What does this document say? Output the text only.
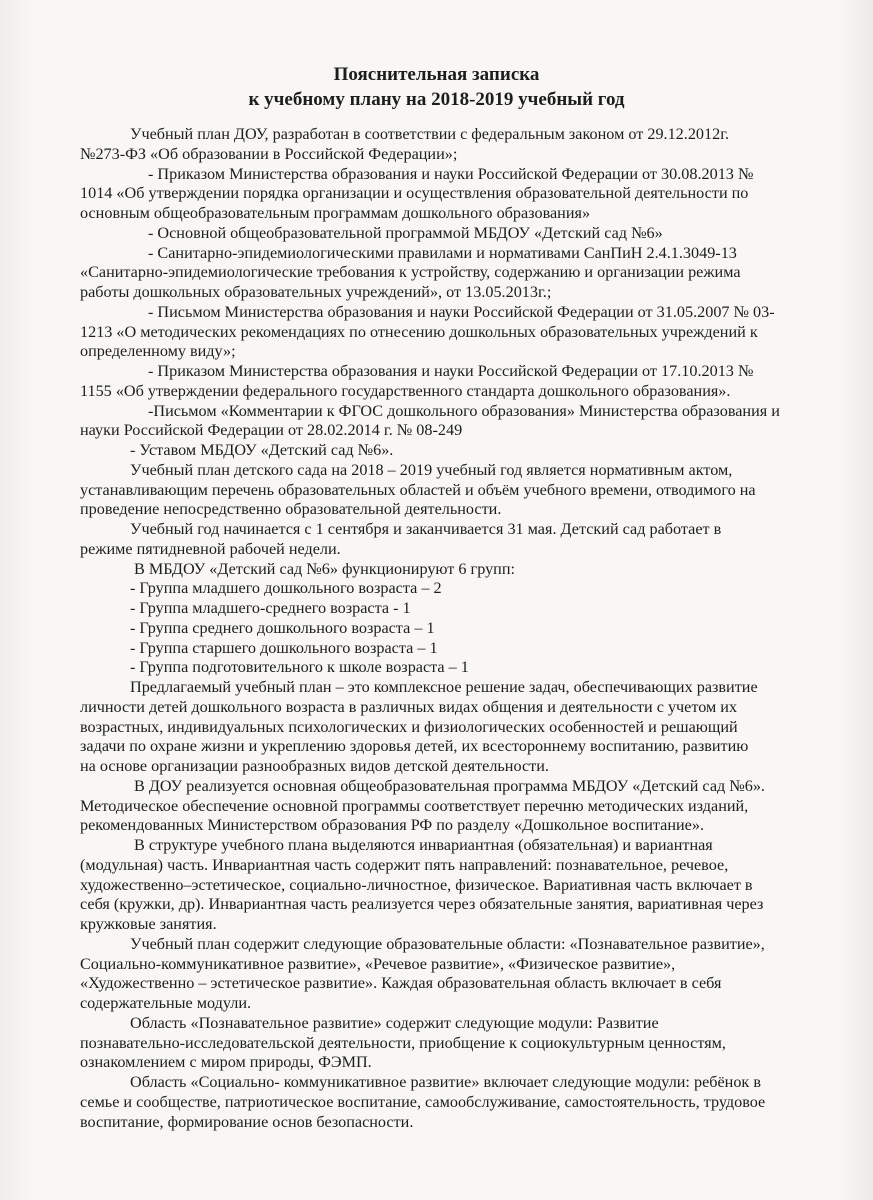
Пояснительная записка
к учебному плану на 2018-2019 учебный год
Учебный план ДОУ, разработан в соответствии с федеральным законом от 29.12.2012г.
№273-ФЗ «Об образовании в Российской Федерации»;
- Приказом Министерства образования и науки Российской Федерации от 30.08.2013 №
1014 «Об утверждении порядка организации и осуществления образовательной деятельности по
основным общеобразовательным программам дошкольного образования»
- Основной общеобразовательной программой МБДОУ «Детский сад №6»
- Санитарно-эпидемиологическими правилами и нормативами СанПиН 2.4.1.3049-13
«Санитарно-эпидемиологические требования к устройству, содержанию и организации режима
работы дошкольных образовательных учреждений», от 13.05.2013г.;
- Письмом Министерства образования и науки Российской Федерации от 31.05.2007 № 03-
1213 «О методических рекомендациях по отнесению дошкольных образовательных учреждений к
определенному виду»;
- Приказом Министерства образования и науки Российской Федерации от 17.10.2013 №
1155 «Об утверждении федерального государственного стандарта дошкольного образования».
-Письмом «Комментарии к ФГОС дошкольного образования» Министерства образования и
науки Российской Федерации от 28.02.2014 г. № 08-249
- Уставом МБДОУ «Детский сад №6».
Учебный план детского сада на 2018 – 2019 учебный год является нормативным актом,
устанавливающим перечень образовательных областей и объём учебного времени, отводимого на
проведение непосредственно образовательной деятельности.
Учебный год начинается с 1 сентября и заканчивается 31 мая. Детский сад работает в
режиме пятидневной рабочей недели.
В МБДОУ «Детский сад №6» функционируют 6 групп:
- Группа младшего дошкольного возраста – 2
- Группа младшего-среднего возраста - 1
- Группа среднего дошкольного возраста – 1
- Группа старшего дошкольного возраста – 1
- Группа подготовительного к школе возраста – 1
Предлагаемый учебный план – это комплексное решение задач, обеспечивающих развитие
личности детей дошкольного возраста в различных видах общения и деятельности с учетом их
возрастных, индивидуальных психологических и физиологических особенностей и решающий
задачи по охране жизни и укреплению здоровья детей, их всестороннему воспитанию, развитию
на основе организации разнообразных видов детской деятельности.
В ДОУ реализуется основная общеобразовательная программа МБДОУ «Детский сад №6».
Методическое обеспечение основной программы соответствует перечню методических изданий,
рекомендованных Министерством образования РФ по разделу «Дошкольное воспитание».
В структуре учебного плана выделяются инвариантная (обязательная) и вариантная
(модульная) часть. Инвариантная часть содержит пять направлений: познавательное, речевое,
художественно–эстетическое, социально-личностное, физическое. Вариативная часть включает в
себя (кружки, др). Инвариантная часть реализуется через обязательные занятия, вариативная через
кружковые занятия.
Учебный план содержит следующие образовательные области: «Познавательное развитие»,
Социально-коммуникативное развитие», «Речевое развитие», «Физическое развитие»,
«Художественно – эстетическое развитие». Каждая образовательная область включает в себя
содержательные модули.
Область «Познавательное развитие» содержит следующие модули: Развитие
познавательно-исследовательской деятельности, приобщение к социокультурным ценностям,
ознакомлением с миром природы, ФЭМП.
Область «Социально- коммуникативное развитие» включает следующие модули: ребёнок в
семье и сообществе, патриотическое воспитание, самообслуживание, самостоятельность, трудовое
воспитание, формирование основ безопасности.
